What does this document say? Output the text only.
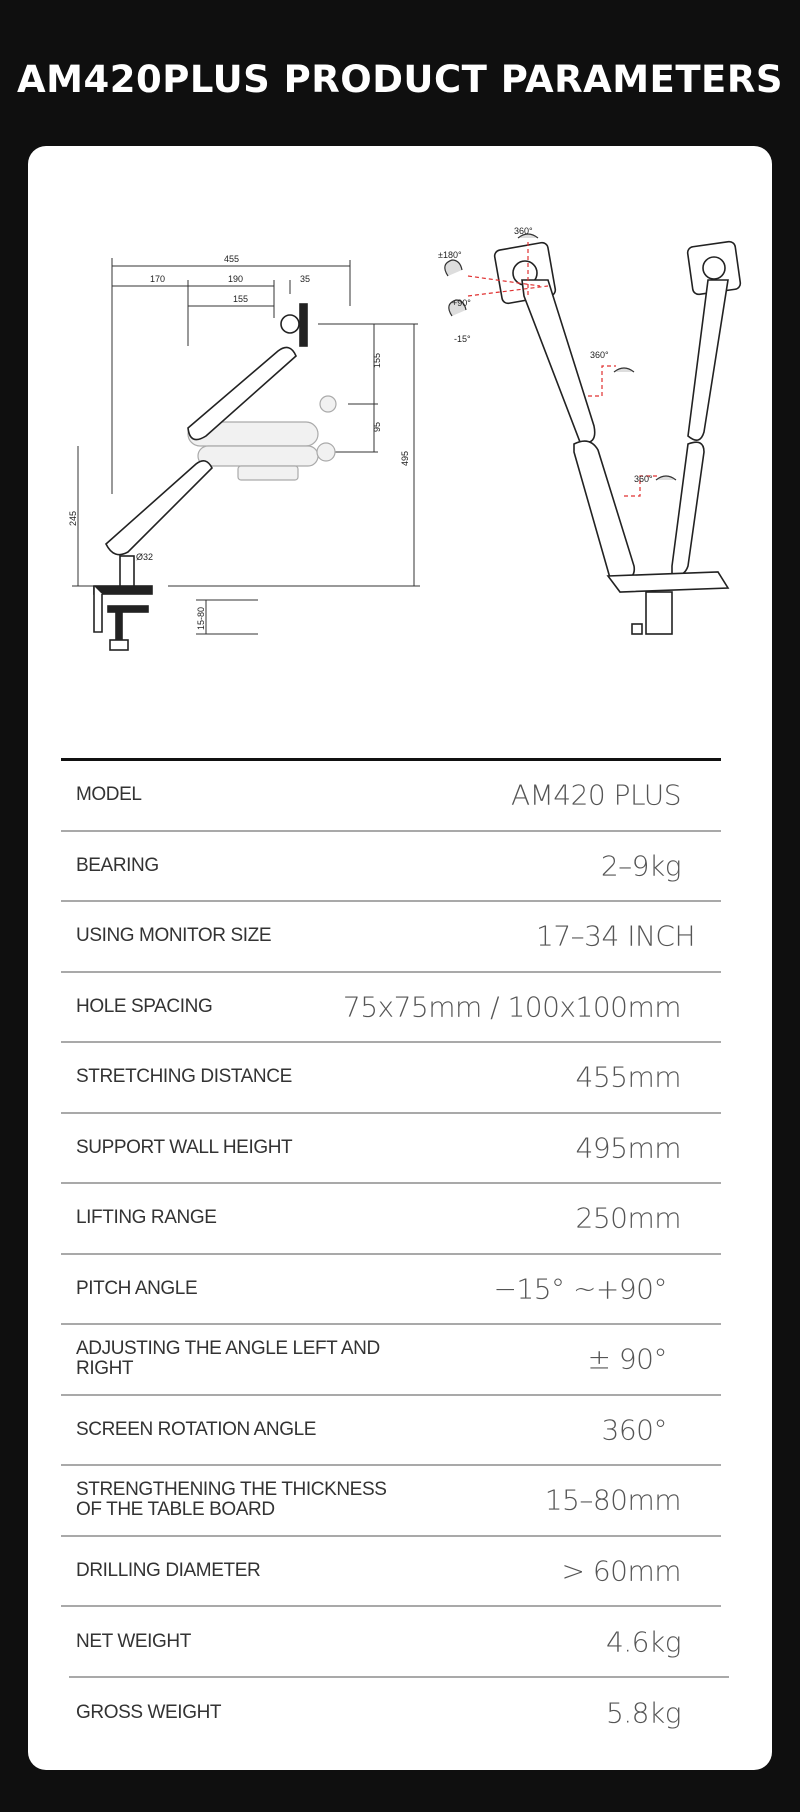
AM420PLUS PRODUCT PARAMETERS
455
170	190	35
155
155
95
495
245
Ø32
15-80
±180°
360°
+90°
-15°
360°
360°
MODEL	AM420 PLUS
BEARING	2–9kg
USING MONITOR SIZE	17–34 INCH
HOLE SPACING	75x75mm / 100x100mm
STRETCHING DISTANCE	455mm
SUPPORT WALL HEIGHT	495mm
LIFTING RANGE	250mm
PITCH ANGLE	−15° ~+90°
ADJUSTING THE ANGLE LEFT AND RIGHT	± 90°
SCREEN ROTATION ANGLE	360°
STRENGTHENING THE THICKNESS
OF THE TABLE BOARD	15–80mm
DRILLING DIAMETER	> 60mm
NET WEIGHT	4.6kg
GROSS WEIGHT	5.8kg
